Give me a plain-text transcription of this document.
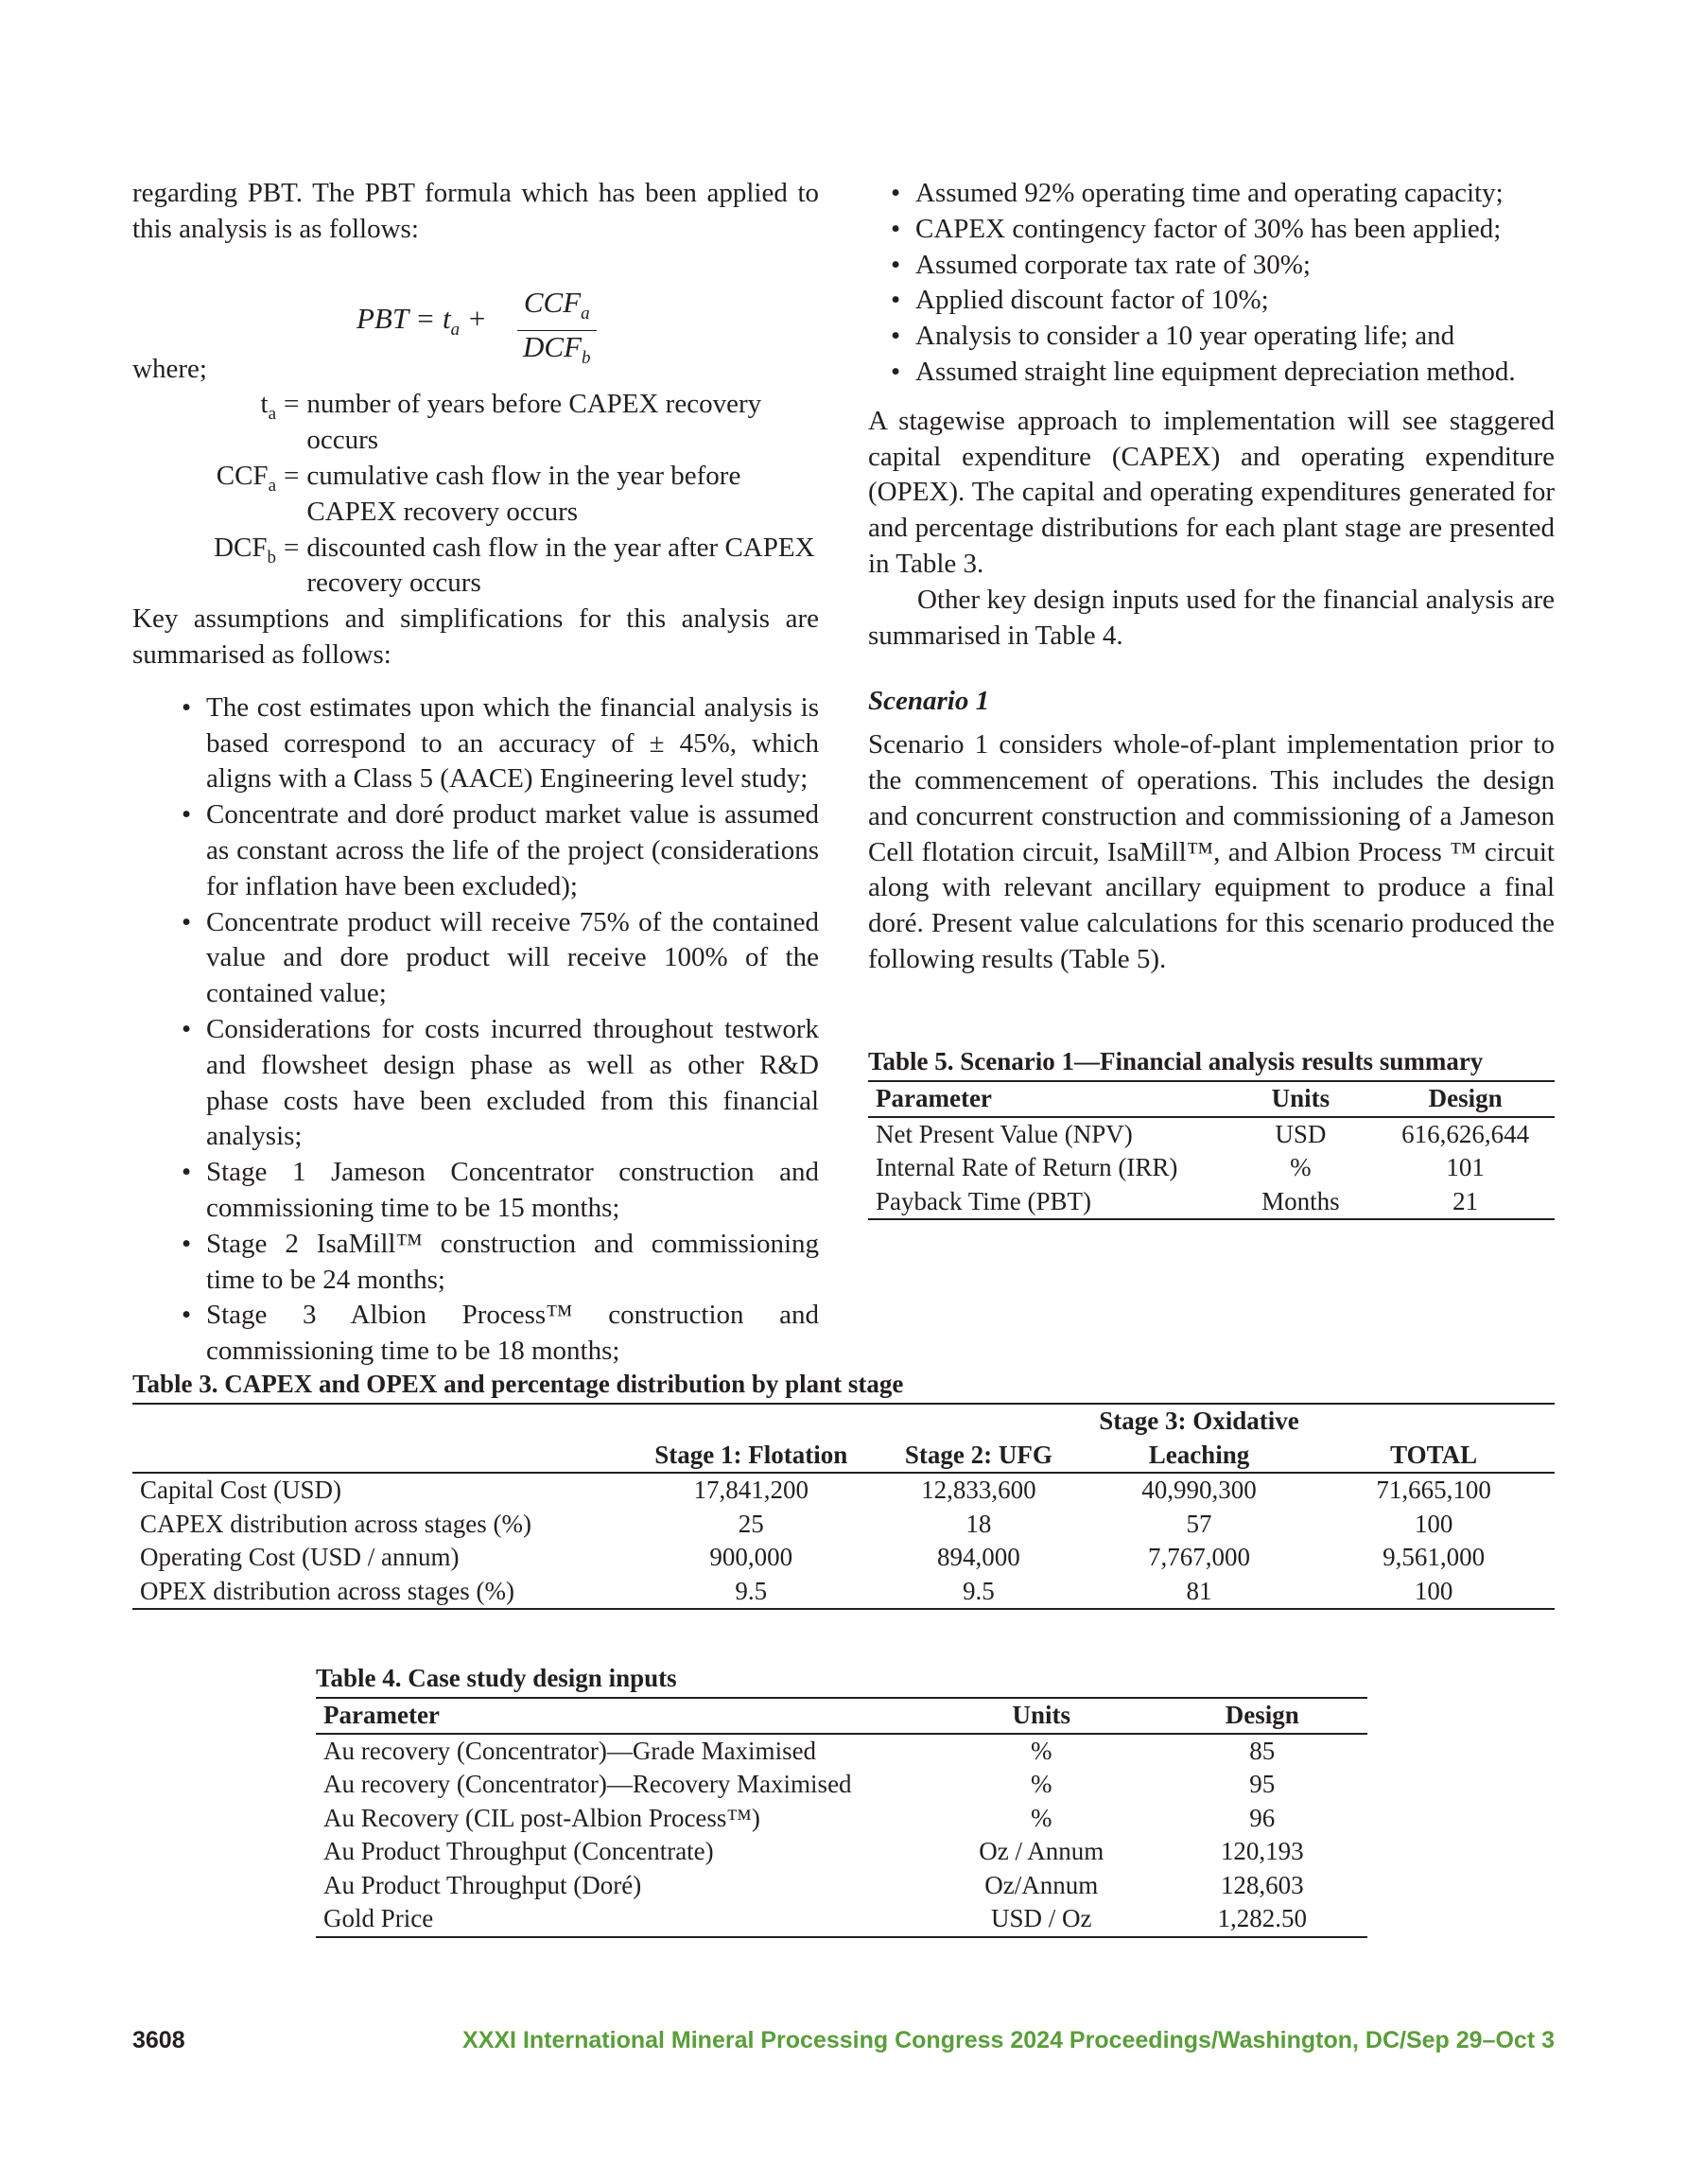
regarding PBT. The PBT formula which has been applied to this analysis is as follows:

PBT = $t_a + CCF_a$
$DCF_b$

where;

$t_a$ = number of years before CAPEX recovery occurs
$CCF_a$ = cumulative cash flow in the year before CAPEX recovery occurs
$DCF_b$ = discounted cash flow in the year after CAPEX recovery occurs

Key assumptions and simplifications for this analysis are summarised as follows:

• The cost estimates upon which the financial analysis is based correspond to an accuracy of ± 45%, which aligns with a Class 5 (AACE) Engineering level study;
• Concentrate and doré product market value is assumed as constant across the life of the project (considerations for inflation have been excluded);
• Concentrate product will receive 75% of the contained value and dore product will receive 100% of the contained value;
• Considerations for costs incurred throughout testwork and flowsheet design phase as well as other R&D phase costs have been excluded from this financial analysis;
• Stage 1 Jameson Concentrator construction and commissioning time to be 15 months;
• Stage 2 IsaMill™ construction and commissioning time to be 24 months;
• Stage 3 Albion Process™ construction and commissioning time to be 18 months;
• Assumed 92% operating time and operating capacity;
• CAPEX contingency factor of 30% has been applied;
• Assumed corporate tax rate of 30%;
• Applied discount factor of 10%;
• Analysis to consider a 10 year operating life; and
• Assumed straight line equipment depreciation method.

A stagewise approach to implementation will see staggered capital expenditure (CAPEX) and operating expenditure (OPEX). The capital and operating expenditures generated for and percentage distributions for each plant stage are presented in Table 3.

Other key design inputs used for the financial analysis are summarised in Table 4.

Scenario 1

Scenario 1 considers whole-of-plant implementation prior to the commencement of operations. This includes the design and concurrent construction and commissioning of a Jameson Cell flotation circuit, IsaMill™, and Albion Process ™ circuit along with relevant ancillary equipment to produce a final doré. Present value calculations for this scenario produced the following results (Table 5).

Table 5. Scenario 1—Financial analysis results summary
Parameter	Units	Design
Net Present Value (NPV)	USD	616,626,644
Internal Rate of Return (IRR)	%	101
Payback Time (PBT)	Months	21
Table 3. CAPEX and OPEX and percentage distribution by plant stage
	Stage 1: Flotation	Stage 2: UFG	Stage 3: Oxidative	TOTAL
			Leaching	
Capital Cost (USD)	17,841,200	12,833,600	40,990,300	71,665,100
CAPEX distribution across stages (%)	25	18	57	100
Operating Cost (USD / annum)	900,000	894,000	7,767,000	9,561,000
OPEX distribution across stages (%)	9.5	9.5	81	100
Table 4. Case study design inputs
Parameter	Units	Design
Au recovery (Concentrator)—Grade Maximised	%	85
Au recovery (Concentrator)—Recovery Maximised	%	95
Au Recovery (CIL post-Albion Process™)	%	96
Au Product Throughput (Concentrate)	Oz / Annum	120,193
Au Product Throughput (Doré)	Oz/Annum	128,603
Gold Price	USD / Oz	1,282.50
3608	XXXI International Mineral Processing Congress 2024 Proceedings/Washington, DC/Sep 29–Oct 3
